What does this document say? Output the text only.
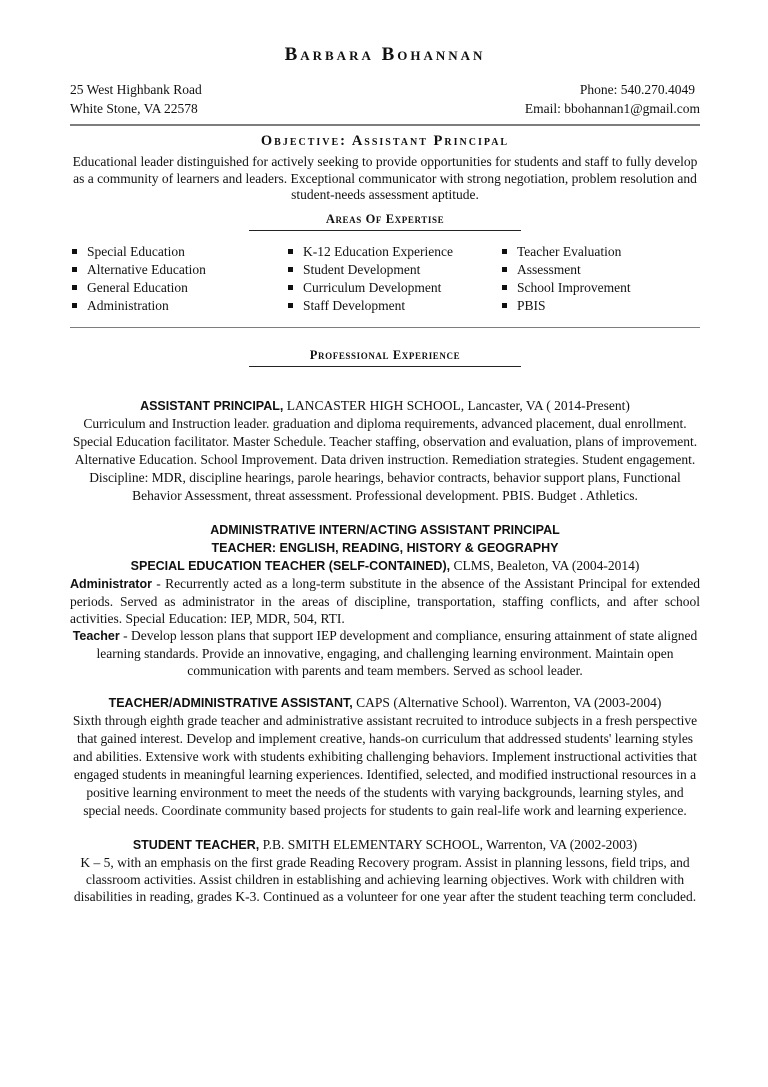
Barbara Bohannan
25 West Highbank Road	Phone: 540.270.4049
White Stone, VA 22578	Email: bbohannan1@gmail.com
Objective: Assistant Principal

Educational leader distinguished for actively seeking to provide opportunities for students and staff to fully develop as a community of learners and leaders. Exceptional communicator with strong negotiation, problem resolution and student-needs assessment aptitude.

Areas Of Expertise
Special Education
Alternative Education
General Education
Administration
K-12 Education Experience
Student Development
Curriculum Development
Staff Development
Teacher Evaluation
Assessment
School Improvement
PBIS
Professional Experience

ASSISTANT PRINCIPAL, LANCASTER HIGH SCHOOL, Lancaster, VA ( 2014-Present)

Curriculum and Instruction leader. graduation and diploma requirements, advanced placement, dual enrollment. Special Education facilitator. Master Schedule. Teacher staffing, observation and evaluation, plans of improvement. Alternative Education. School Improvement. Data driven instruction. Remediation strategies. Student engagement. Discipline: MDR, discipline hearings, parole hearings, behavior contracts, behavior support plans, Functional Behavior Assessment, threat assessment. Professional development. PBIS. Budget . Athletics.

ADMINISTRATIVE INTERN/ACTING ASSISTANT PRINCIPAL

TEACHER: ENGLISH, READING, HISTORY & GEOGRAPHY

SPECIAL EDUCATION TEACHER (SELF-CONTAINED), CLMS, Bealeton, VA (2004-2014)

Administrator - Recurrently acted as a long-term substitute in the absence of the Assistant Principal for extended periods. Served as administrator in the areas of discipline, transportation, staffing conflicts, and after school activities. Special Education: IEP, MDR, 504, RTI.

Teacher - Develop lesson plans that support IEP development and compliance, ensuring attainment of state aligned learning standards. Provide an innovative, engaging, and challenging learning environment. Maintain open communication with parents and team members. Served as school leader.

TEACHER/ADMINISTRATIVE ASSISTANT, CAPS (Alternative School). Warrenton, VA (2003-2004)

Sixth through eighth grade teacher and administrative assistant recruited to introduce subjects in a fresh perspective that gained interest. Develop and implement creative, hands-on curriculum that addressed students' learning styles and abilities. Extensive work with students exhibiting challenging behaviors. Implement instructional activities that engaged students in meaningful learning experiences. Identified, selected, and modified instructional resources in a positive learning environment to meet the needs of the students with varying backgrounds, learning styles, and special needs. Coordinate community based projects for students to gain real-life work and learning experience.

STUDENT TEACHER, P.B. SMITH ELEMENTARY SCHOOL, Warrenton, VA (2002-2003)

K – 5, with an emphasis on the first grade Reading Recovery program. Assist in planning lessons, field trips, and classroom activities. Assist children in establishing and achieving learning objectives. Work with children with disabilities in reading, grades K-3. Continued as a volunteer for one year after the student teaching term concluded.
